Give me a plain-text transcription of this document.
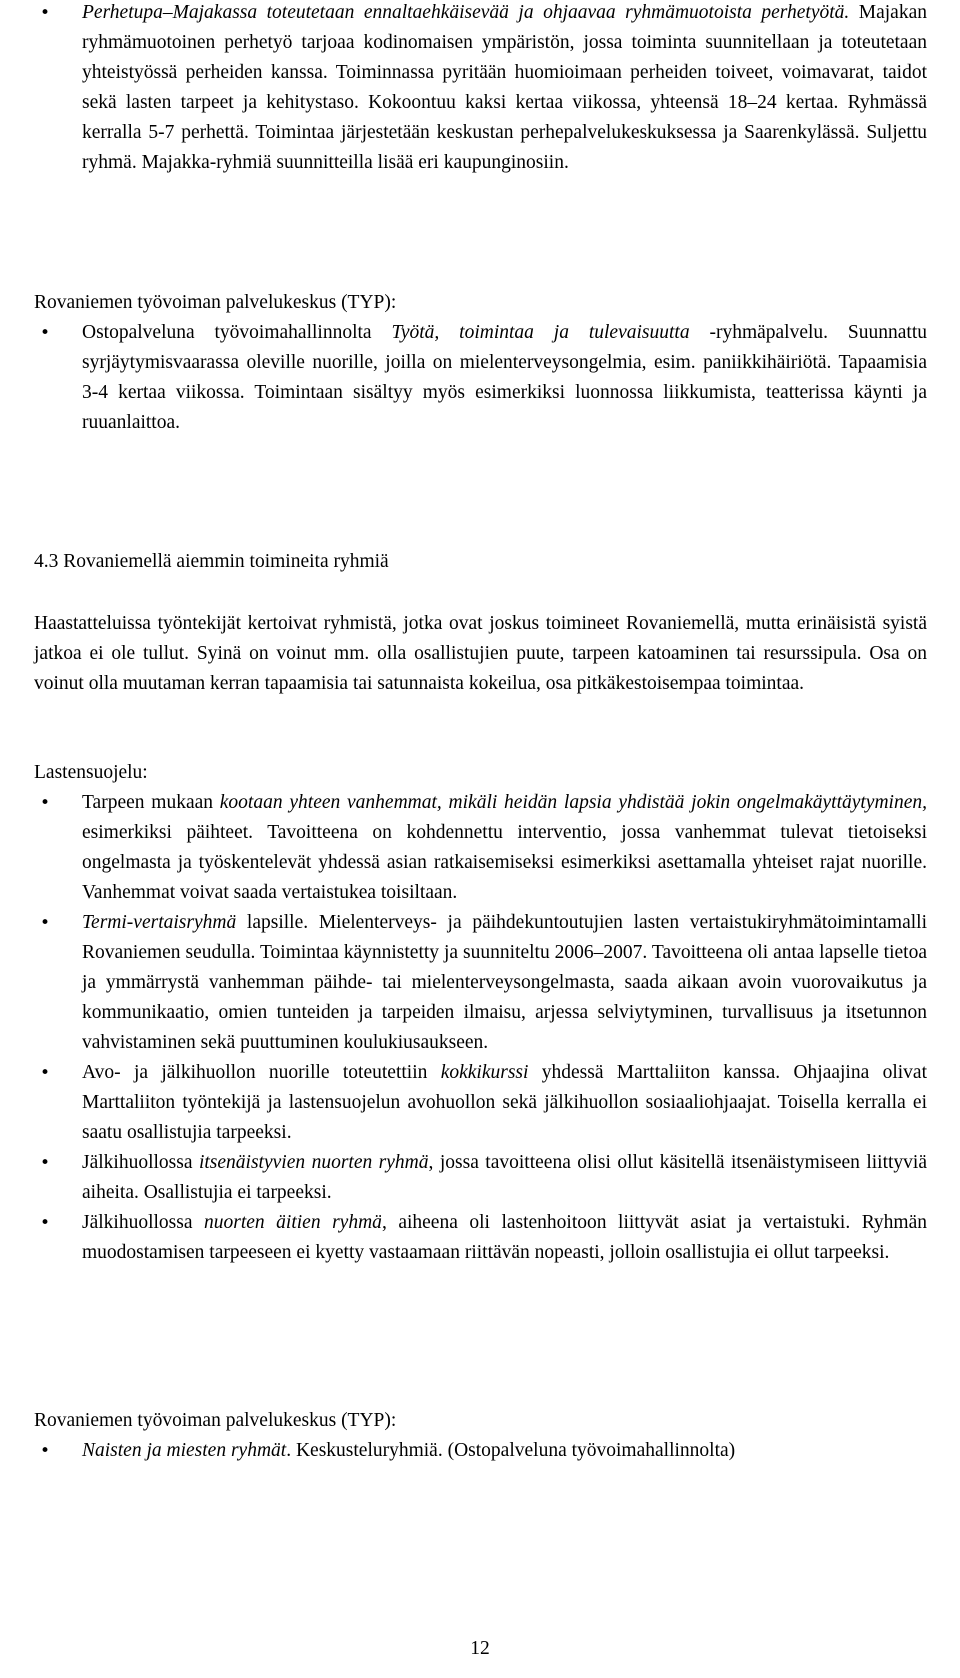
• Perhetupa–Majakassa toteutetaan ennaltaehkäisevää ja ohjaavaa ryhmämuotoista perhetyötä. Majakan ryhmämuotoinen perhetyö tarjoaa kodinomaisen ympäristön, jossa toiminta suunnitellaan ja toteutetaan yhteistyössä perheiden kanssa. Toiminnassa pyritään huomioimaan perheiden toiveet, voimavarat, taidot sekä lasten tarpeet ja kehitystaso. Kokoontuu kaksi kertaa viikossa, yhteensä 18–24 kertaa. Ryhmässä kerralla 5-7 perhettä. Toimintaa järjestetään keskustan perhepalvelukeskuksessa ja Saarenkylässä. Suljettu ryhmä. Majakka-ryhmiä suunnitteilla lisää eri kaupunginosiin.
Rovaniemen työvoiman palvelukeskus (TYP):
• Ostopalveluna työvoimahallinnolta Työtä, toimintaa ja tulevaisuutta -ryhmäpalvelu. Suunnattu syrjäytymisvaarassa oleville nuorille, joilla on mielenterveysongelmia, esim. paniikkihäiriötä. Tapaamisia 3-4 kertaa viikossa. Toimintaan sisältyy myös esimerkiksi luonnossa liikkumista, teatterissa käynti ja ruuanlaittoa.
4.3 Rovaniemellä aiemmin toimineita ryhmiä
Haastatteluissa työntekijät kertoivat ryhmistä, jotka ovat joskus toimineet Rovaniemellä, mutta erinäisistä syistä jatkoa ei ole tullut. Syinä on voinut mm. olla osallistujien puute, tarpeen katoaminen tai resurssipula. Osa on voinut olla muutaman kerran tapaamisia tai satunnaista kokeilua, osa pitkäkestoisempaa toimintaa.
Lastensuojelu:
• Tarpeen mukaan kootaan yhteen vanhemmat, mikäli heidän lapsia yhdistää jokin ongelmakäyttäytyminen, esimerkiksi päihteet. Tavoitteena on kohdennettu interventio, jossa vanhemmat tulevat tietoiseksi ongelmasta ja työskentelevät yhdessä asian ratkaisemiseksi esimerkiksi asettamalla yhteiset rajat nuorille. Vanhemmat voivat saada vertaistukea toisiltaan.
• Termi-vertaisryhmä lapsille. Mielenterveys- ja päihdekuntoutujien lasten vertaistukiryhmätoimintamalli Rovaniemen seudulla. Toimintaa käynnistetty ja suunniteltu 2006–2007. Tavoitteena oli antaa lapselle tietoa ja ymmärrystä vanhemman päihde- tai mielenterveysongelmasta, saada aikaan avoin vuorovaikutus ja kommunikaatio, omien tunteiden ja tarpeiden ilmaisu, arjessa selviytyminen, turvallisuus ja itsetunnon vahvistaminen sekä puuttuminen koulukiusaukseen.
• Avo- ja jälkihuollon nuorille toteutettiin kokkikurssi yhdessä Marttaliiton kanssa. Ohjaajina olivat Marttaliiton työntekijä ja lastensuojelun avohuollon sekä jälkihuollon sosiaaliohjaajat. Toisella kerralla ei saatu osallistujia tarpeeksi.
• Jälkihuollossa itsenäistyvien nuorten ryhmä, jossa tavoitteena olisi ollut käsitellä itsenäistymiseen liittyviä aiheita. Osallistujia ei tarpeeksi.
• Jälkihuollossa nuorten äitien ryhmä, aiheena oli lastenhoitoon liittyvät asiat ja vertaistuki. Ryhmän muodostamisen tarpeeseen ei kyetty vastaamaan riittävän nopeasti, jolloin osallistujia ei ollut tarpeeksi.
Rovaniemen työvoiman palvelukeskus (TYP):
• Naisten ja miesten ryhmät. Keskusteluryhmiä. (Ostopalveluna työvoimahallinnolta)
12
